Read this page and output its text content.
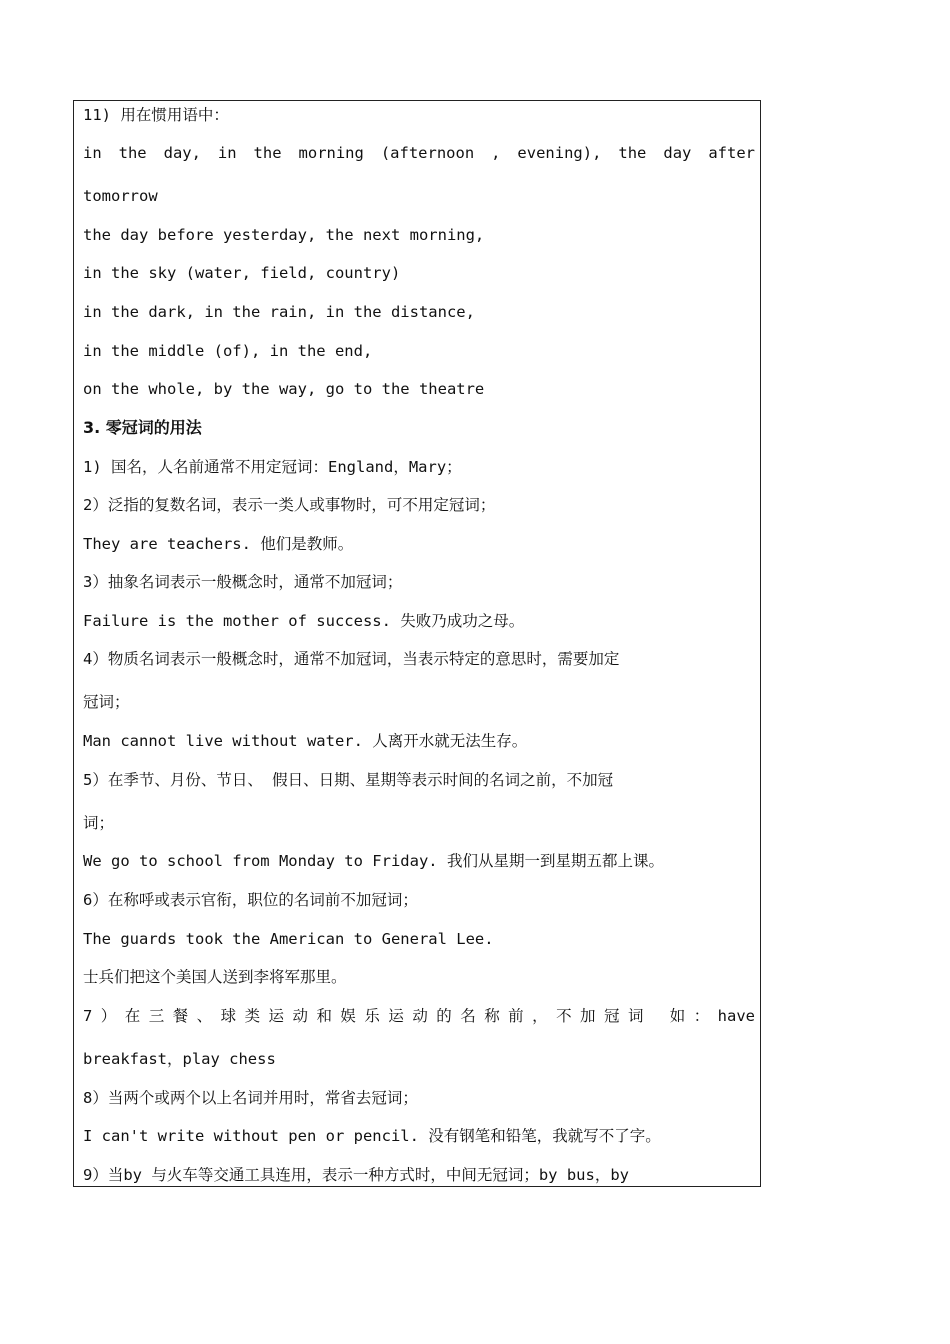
11) 用在惯用语中：
in the day, in the morning (afternoon , evening), the day after
tomorrow
the day before yesterday, the next morning,
in the sky (water, field, country)
in the dark, in the rain, in the distance,
in the middle (of), in the end,
on the whole, by the way, go to the theatre
3. 零冠词的用法
1) 国名，人名前通常不用定冠词：England，Mary；
2）泛指的复数名词，表示一类人或事物时，可不用定冠词；
They are teachers. 他们是教师。
3）抽象名词表示一般概念时，通常不加冠词；
Failure is the mother of success. 失败乃成功之母。
4）物质名词表示一般概念时，通常不加冠词，当表示特定的意思时，需要加定
冠词；
Man cannot live without water. 人离开水就无法生存。
5）在季节、月份、节日、 假日、日期、星期等表示时间的名词之前，不加冠
词；
We go to school from Monday to Friday. 我们从星期一到星期五都上课。
6）在称呼或表示官衔，职位的名词前不加冠词；
The guards took the American to General Lee.
士兵们把这个美国人送到李将军那里。
7）在三餐、球类运动和娱乐运动的名称前，不加冠词 如：have
breakfast，play chess
8）当两个或两个以上名词并用时，常省去冠词；
I can't write without pen or pencil. 没有钢笔和铅笔，我就写不了字。
9）当by 与火车等交通工具连用，表示一种方式时，中间无冠词；by bus，by
